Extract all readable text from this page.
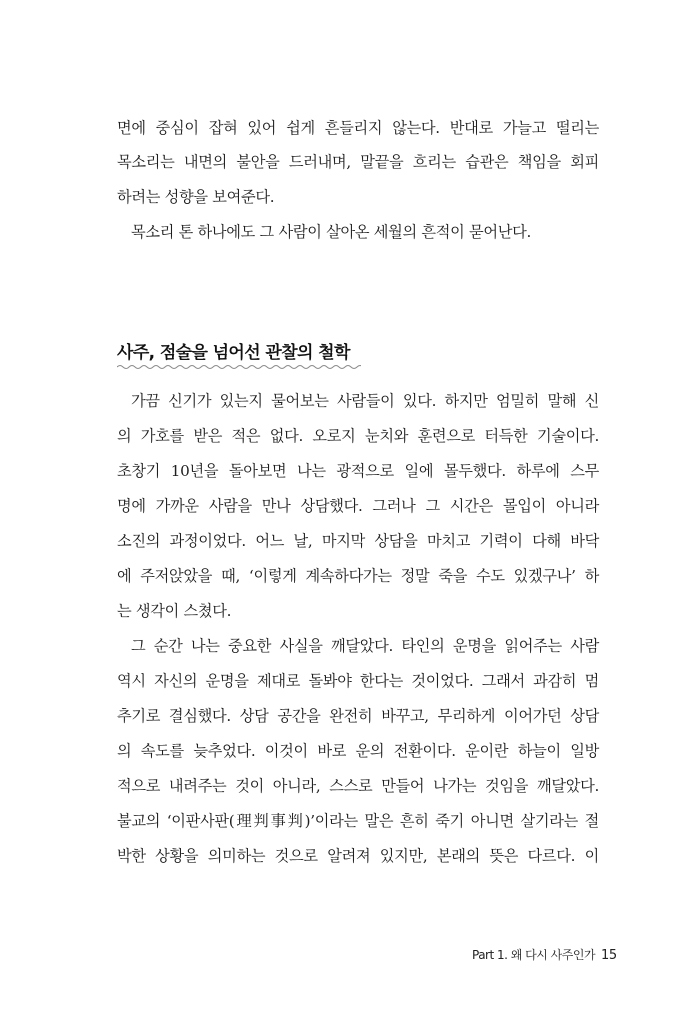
면에 중심이 잡혀 있어 쉽게 흔들리지 않는다. 반대로 가늘고 떨리는
목소리는 내면의 불안을 드러내며, 말끝을 흐리는 습관은 책임을 회피
하려는 성향을 보여준다.
목소리 톤 하나에도 그 사람이 살아온 세월의 흔적이 묻어난다.
사주, 점술을 넘어선 관찰의 철학
가끔 신기가 있는지 물어보는 사람들이 있다. 하지만 엄밀히 말해 신
의 가호를 받은 적은 없다. 오로지 눈치와 훈련으로 터득한 기술이다.
초창기 10년을 돌아보면 나는 광적으로 일에 몰두했다. 하루에 스무
명에 가까운 사람을 만나 상담했다. 그러나 그 시간은 몰입이 아니라
소진의 과정이었다. 어느 날, 마지막 상담을 마치고 기력이 다해 바닥
에 주저앉았을 때, ‘이렇게 계속하다가는 정말 죽을 수도 있겠구나’ 하
는 생각이 스쳤다.
그 순간 나는 중요한 사실을 깨달았다. 타인의 운명을 읽어주는 사람
역시 자신의 운명을 제대로 돌봐야 한다는 것이었다. 그래서 과감히 멈
추기로 결심했다. 상담 공간을 완전히 바꾸고, 무리하게 이어가던 상담
의 속도를 늦추었다. 이것이 바로 운의 전환이다. 운이란 하늘이 일방
적으로 내려주는 것이 아니라, 스스로 만들어 나가는 것임을 깨달았다.
불교의 ‘이판사판(理判事判)’이라는 말은 흔히 죽기 아니면 살기라는 절
박한 상황을 의미하는 것으로 알려져 있지만, 본래의 뜻은 다르다. 이
Part 1. 왜 다시 사주인가 15
